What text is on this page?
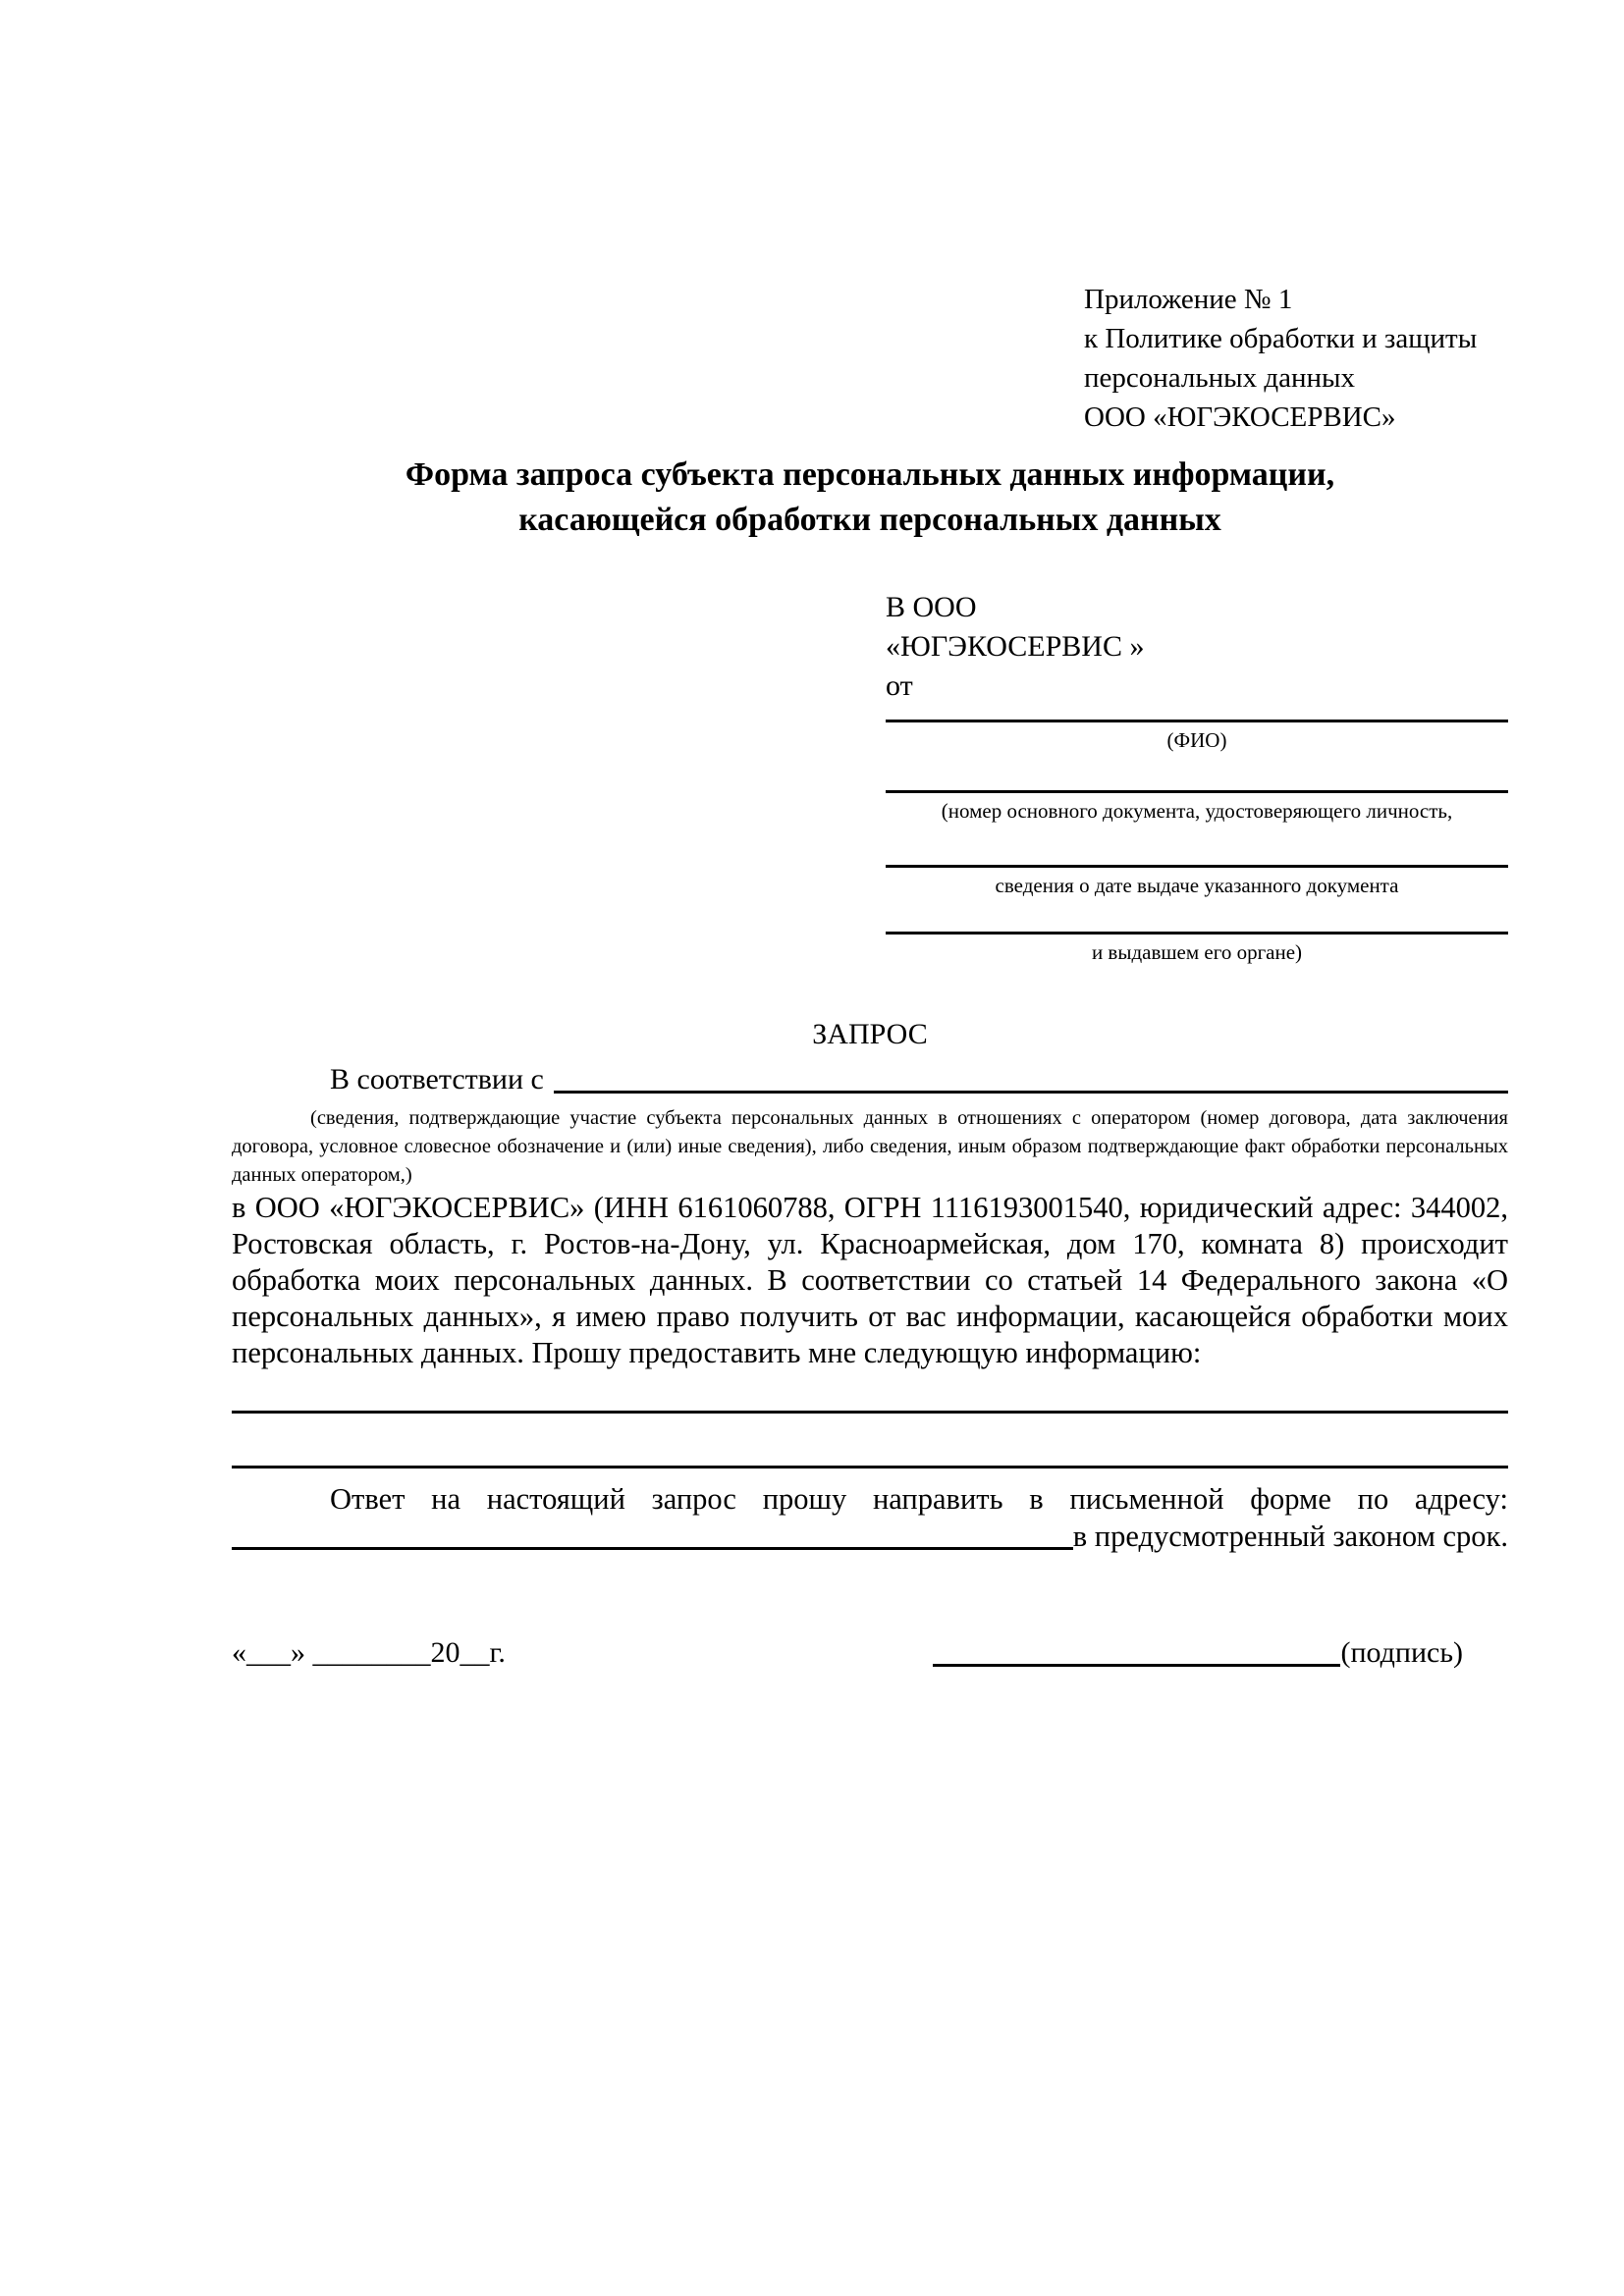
Приложение № 1
к Политике обработки и защиты
персональных данных
ООО «ЮГЭКОСЕРВИС»
Форма запроса субъекта персональных данных информации,
касающейся обработки персональных данных
В ООО
«ЮГЭКОСЕРВИС »
от
(ФИО)
(номер основного документа, удостоверяющего личность,
сведения о дате выдаче указанного документа
и выдавшем его органе)
ЗАПРОС
В соответствии с

(сведения, подтверждающие участие субъекта персональных данных в отношениях с оператором (номер договора, дата заключения договора, условное словесное обозначение и (или) иные сведения), либо сведения, иным образом подтверждающие факт обработки персональных данных оператором,)

в ООО «ЮГЭКОСЕРВИС» (ИНН 6161060788, ОГРН 1116193001540, юридический адрес: 344002, Ростовская область, г. Ростов-на-Дону, ул. Красноармейская, дом 170, комната 8) происходит обработка моих персональных данных. В соответствии со статьей 14 Федерального закона «О персональных данных», я имею право получить от вас информации, касающейся обработки моих персональных данных. Прошу предоставить мне следующую информацию:

Ответ на настоящий запрос прошу направить в письменной форме по адресу:
в предусмотренный законом срок.
«___» ________20__г.	(подпись)
